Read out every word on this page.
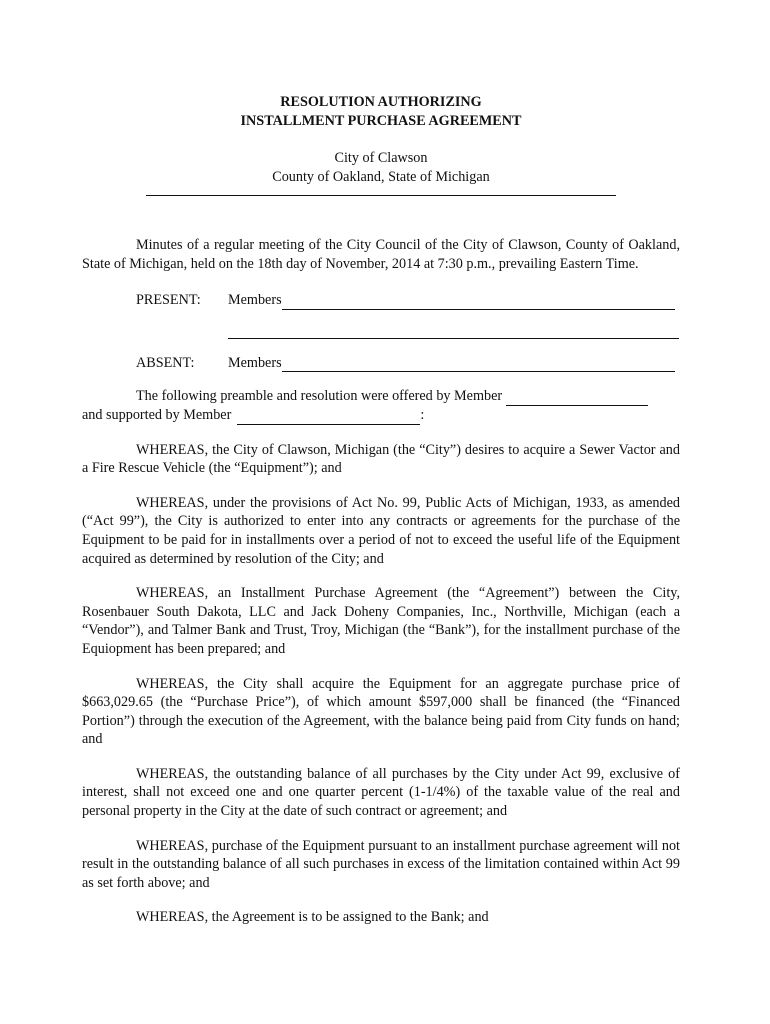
RESOLUTION AUTHORIZING
INSTALLMENT PURCHASE AGREEMENT
City of Clawson
County of Oakland, State of Michigan

Minutes of a regular meeting of the City Council of the City of Clawson, County of Oakland, State of Michigan, held on the 18th day of November, 2014 at 7:30 p.m., prevailing Eastern Time.

PRESENT:	Members
ABSENT:	Members
The following preamble and resolution were offered by Member
and supported by Member	:

WHEREAS, the City of Clawson, Michigan (the “City”) desires to acquire a Sewer Vactor and a Fire Rescue Vehicle (the “Equipment”); and

WHEREAS, under the provisions of Act No. 99, Public Acts of Michigan, 1933, as amended (“Act 99”), the City is authorized to enter into any contracts or agreements for the purchase of the Equipment to be paid for in installments over a period of not to exceed the useful life of the Equipment acquired as determined by resolution of the City; and

WHEREAS, an Installment Purchase Agreement (the “Agreement”) between the City, Rosenbauer South Dakota, LLC and Jack Doheny Companies, Inc., Northville, Michigan (each a “Vendor”), and Talmer Bank and Trust, Troy, Michigan (the “Bank”), for the installment purchase of the Equiopment has been prepared; and

WHEREAS, the City shall acquire the Equipment for an aggregate purchase price of $663,029.65 (the “Purchase Price”), of which amount $597,000 shall be financed (the “Financed Portion”) through the execution of the Agreement, with the balance being paid from City funds on hand; and

WHEREAS, the outstanding balance of all purchases by the City under Act 99, exclusive of interest, shall not exceed one and one quarter percent (1-1/4%) of the taxable value of the real and personal property in the City at the date of such contract or agreement; and

WHEREAS, purchase of the Equipment pursuant to an installment purchase agreement will not result in the outstanding balance of all such purchases in excess of the limitation contained within Act 99 as set forth above; and

WHEREAS, the Agreement is to be assigned to the Bank; and
